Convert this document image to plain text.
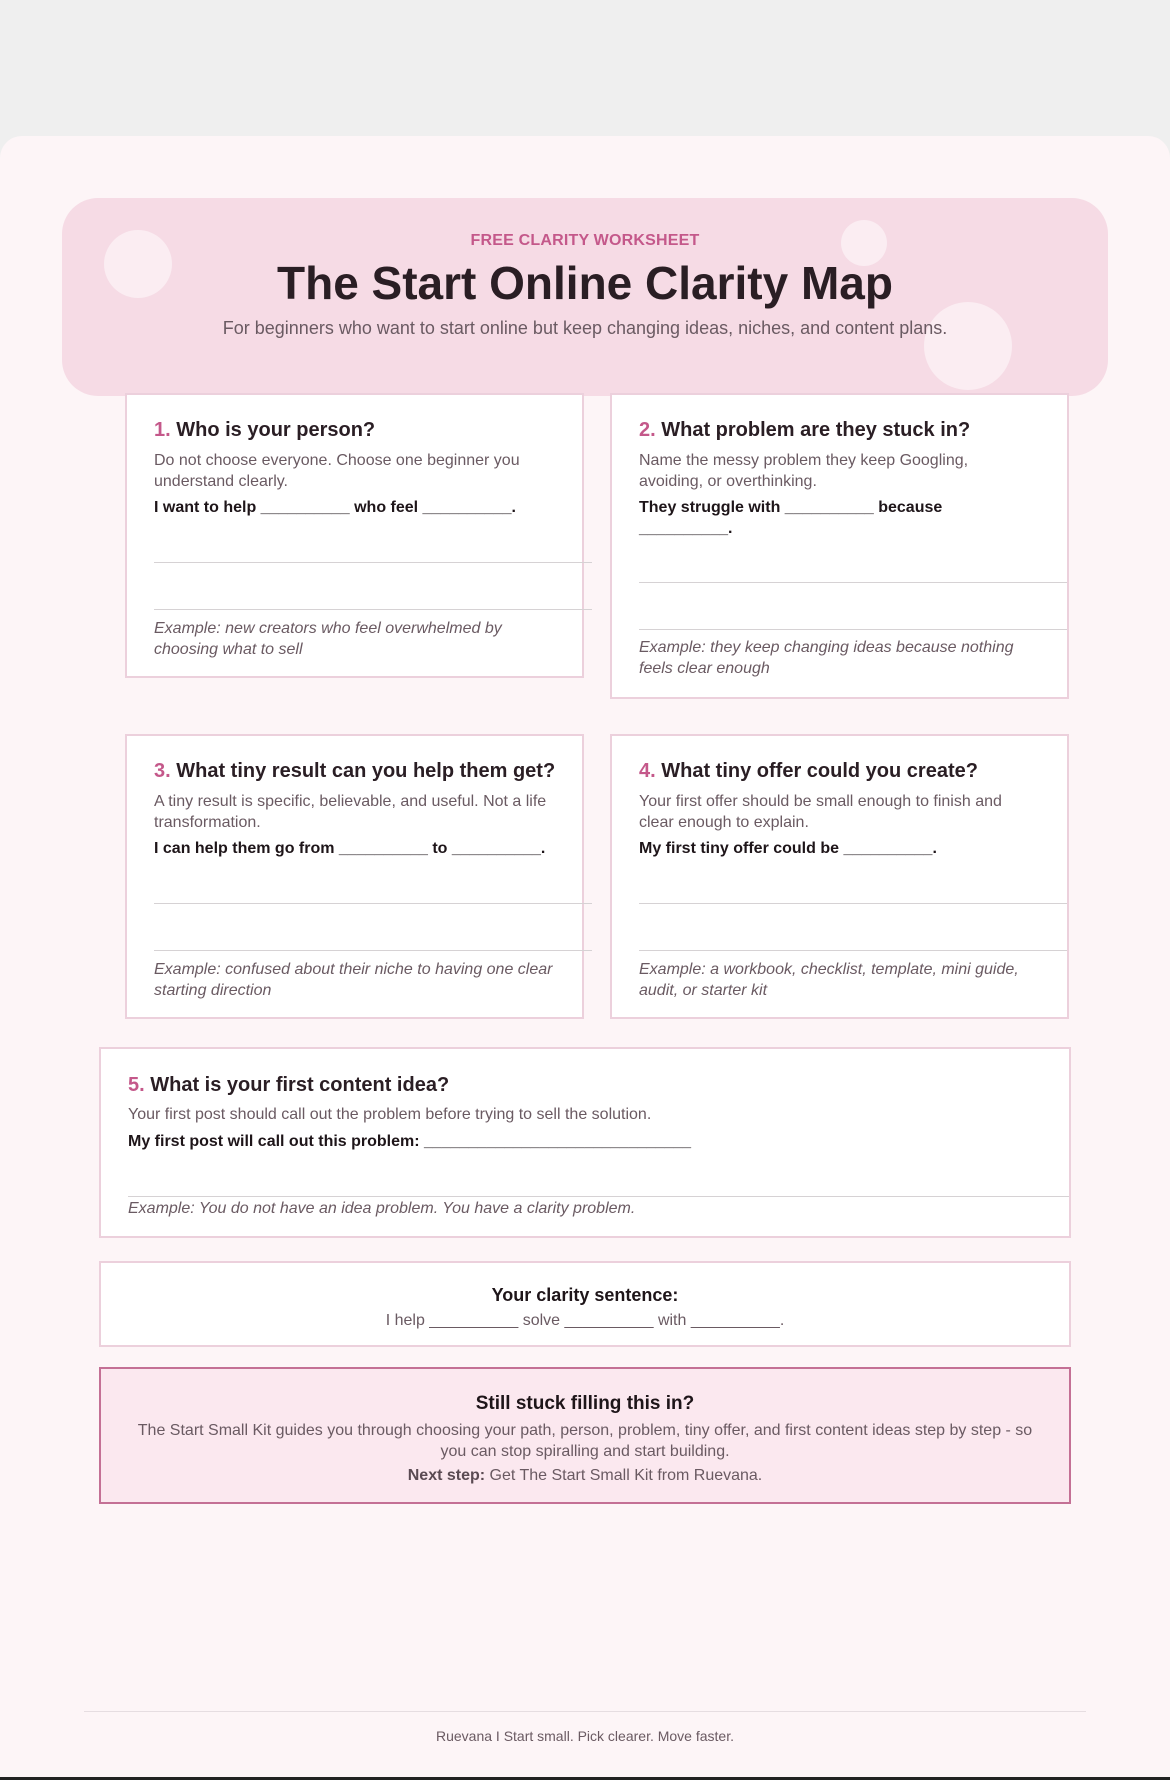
FREE CLARITY WORKSHEET
The Start Online Clarity Map
For beginners who want to start online but keep changing ideas, niches, and content plans.
1. Who is your person?
Do not choose everyone. Choose one beginner you understand clearly.
I want to help __________ who feel __________.
Example: new creators who feel overwhelmed by choosing what to sell
2. What problem are they stuck in?
Name the messy problem they keep Googling, avoiding, or overthinking.
They struggle with __________ because __________.
Example: they keep changing ideas because nothing feels clear enough
3. What tiny result can you help them get?
A tiny result is specific, believable, and useful. Not a life transformation.
I can help them go from __________ to __________.
Example: confused about their niche to having one clear starting direction
4. What tiny offer could you create?
Your first offer should be small enough to finish and clear enough to explain.
My first tiny offer could be __________.
Example: a workbook, checklist, template, mini guide, audit, or starter kit
5. What is your first content idea?
Your first post should call out the problem before trying to sell the solution.
My first post will call out this problem: ______________________________
Example: You do not have an idea problem. You have a clarity problem.
Your clarity sentence:
I help __________ solve __________ with __________.
Still stuck filling this in?
The Start Small Kit guides you through choosing your path, person, problem, tiny offer, and first content ideas step by step - so you can stop spiralling and start building.
Next step: Get The Start Small Kit from Ruevana.
Ruevana I Start small. Pick clearer. Move faster.
